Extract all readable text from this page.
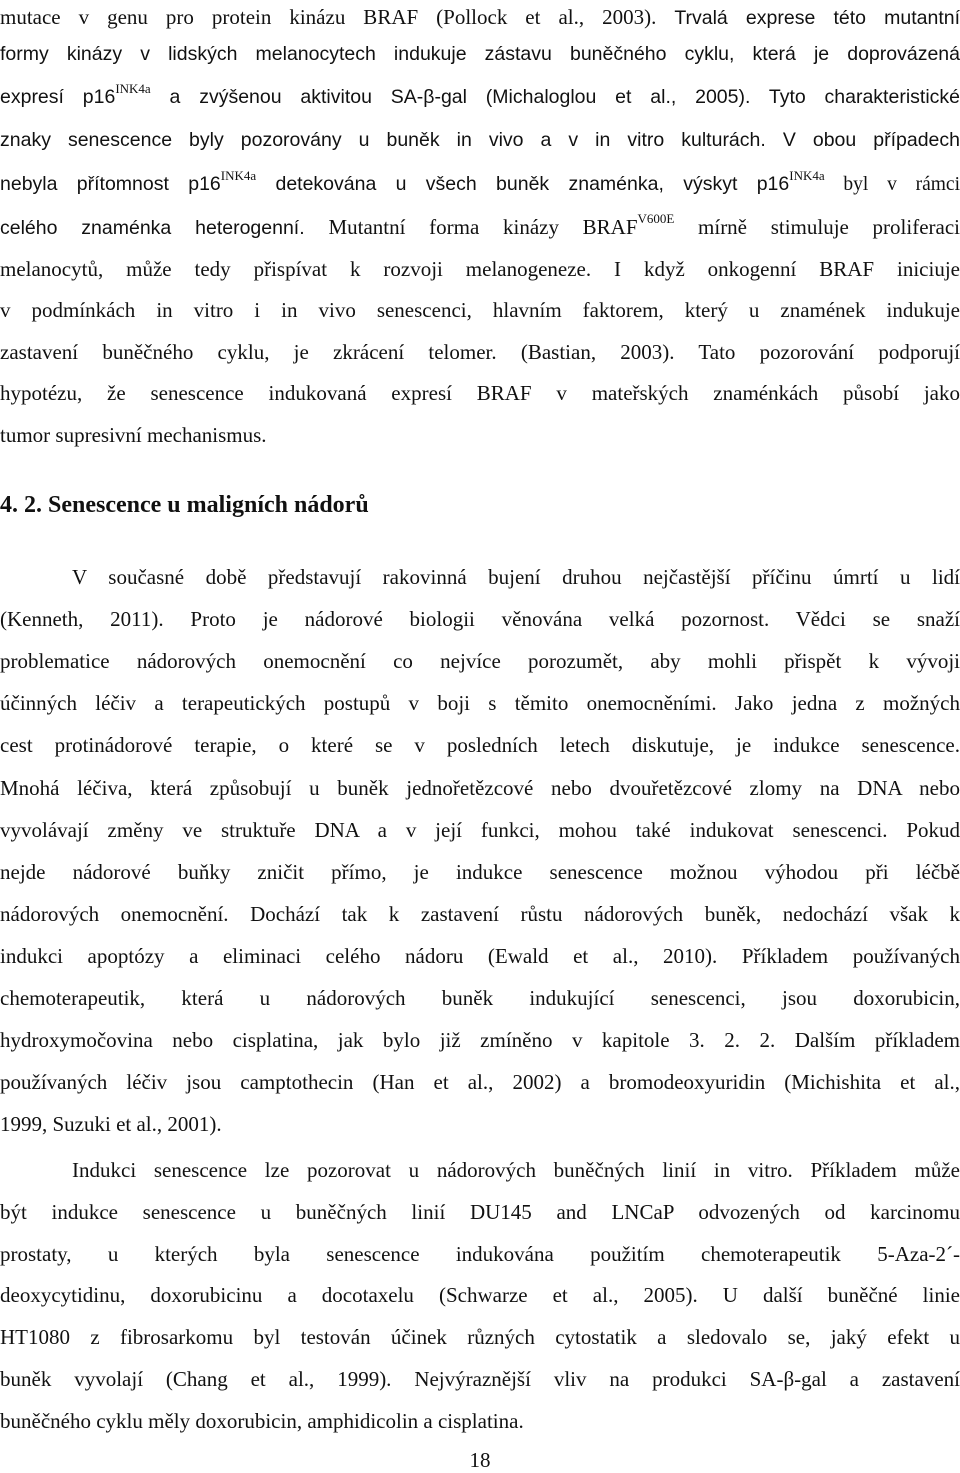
mutace v genu pro protein kinázu BRAF (Pollock et al., 2003). Trvalá exprese této mutantní

formy kinázy v lidských melanocytech indukuje zástavu buněčného cyklu, která je doprovázená

expresí $p16^{INK4a}$ a zvýšenou aktivitou SA-β-gal (Michaloglou et al., 2005). Tyto charakteristické

znaky senescence byly pozorovány u buněk in vivo a v in vitro kulturách. V obou případech

nebyla přítomnost $p16^{INK4a}$ detekována u všech buněk znaménka, výskyt $p16^{INK4a}$ byl v rámci

celého znaménka heterogenní. Mutantní forma kinázy $BRAF^{V600E}$ mírně stimuluje proliferaci

melanocytů, může tedy přispívat k rozvoji melanogeneze. I když onkogenní BRAF iniciuje

v podmínkách in vitro i in vivo senescenci, hlavním faktorem, který u znamének indukuje

zastavení buněčného cyklu, je zkrácení telomer. (Bastian, 2003). Tato pozorování podporují

hypotézu, že senescence indukovaná expresí BRAF v mateřských znaménkách působí jako

tumor supresivní mechanismus.

4. 2. Senescence u maligních nádorů

V současné době představují rakovinná bujení druhou nejčastější příčinu úmrtí u lidí

(Kenneth, 2011). Proto je nádorové biologii věnována velká pozornost. Vědci se snaží

problematice nádorových onemocnění co nejvíce porozumět, aby mohli přispět k vývoji

účinných léčiv a terapeutických postupů v boji s těmito onemocněními. Jako jedna z možných

cest protinádorové terapie, o které se v posledních letech diskutuje, je indukce senescence.

Mnohá léčiva, která způsobují u buněk jednořetězcové nebo dvouřetězcové zlomy na DNA nebo

vyvolávají změny ve struktuře DNA a v její funkci, mohou také indukovat senescenci. Pokud

nejde nádorové buňky zničit přímo, je indukce senescence možnou výhodou při léčbě

nádorových onemocnění. Dochází tak k zastavení růstu nádorových buněk, nedochází však k

indukci apoptózy a eliminaci celého nádoru (Ewald et al., 2010). Příkladem používaných

chemoterapeutik, která u nádorových buněk indukující senescenci, jsou doxorubicin,

hydroxymočovina nebo cisplatina, jak bylo již zmíněno v kapitole 3. 2. 2. Dalším příkladem

používaných léčiv jsou camptothecin (Han et al., 2002) a bromodeoxyuridin (Michishita et al.,

1999, Suzuki et al., 2001).

Indukci senescence lze pozorovat u nádorových buněčných linií in vitro. Příkladem může

být indukce senescence u buněčných linií DU145 and LNCaP odvozených od karcinomu

prostaty, u kterých byla senescence indukována použitím chemoterapeutik 5-Aza-2´-

deoxycytidinu, doxorubicinu a docotaxelu (Schwarze et al., 2005). U další buněčné linie

HT1080 z fibrosarkomu byl testován účinek různých cytostatik a sledovalo se, jaký efekt u

buněk vyvolají (Chang et al., 1999). Nejvýraznější vliv na produkci SA-β-gal a zastavení

buněčného cyklu měly doxorubicin, amphidicolin a cisplatina.

18
